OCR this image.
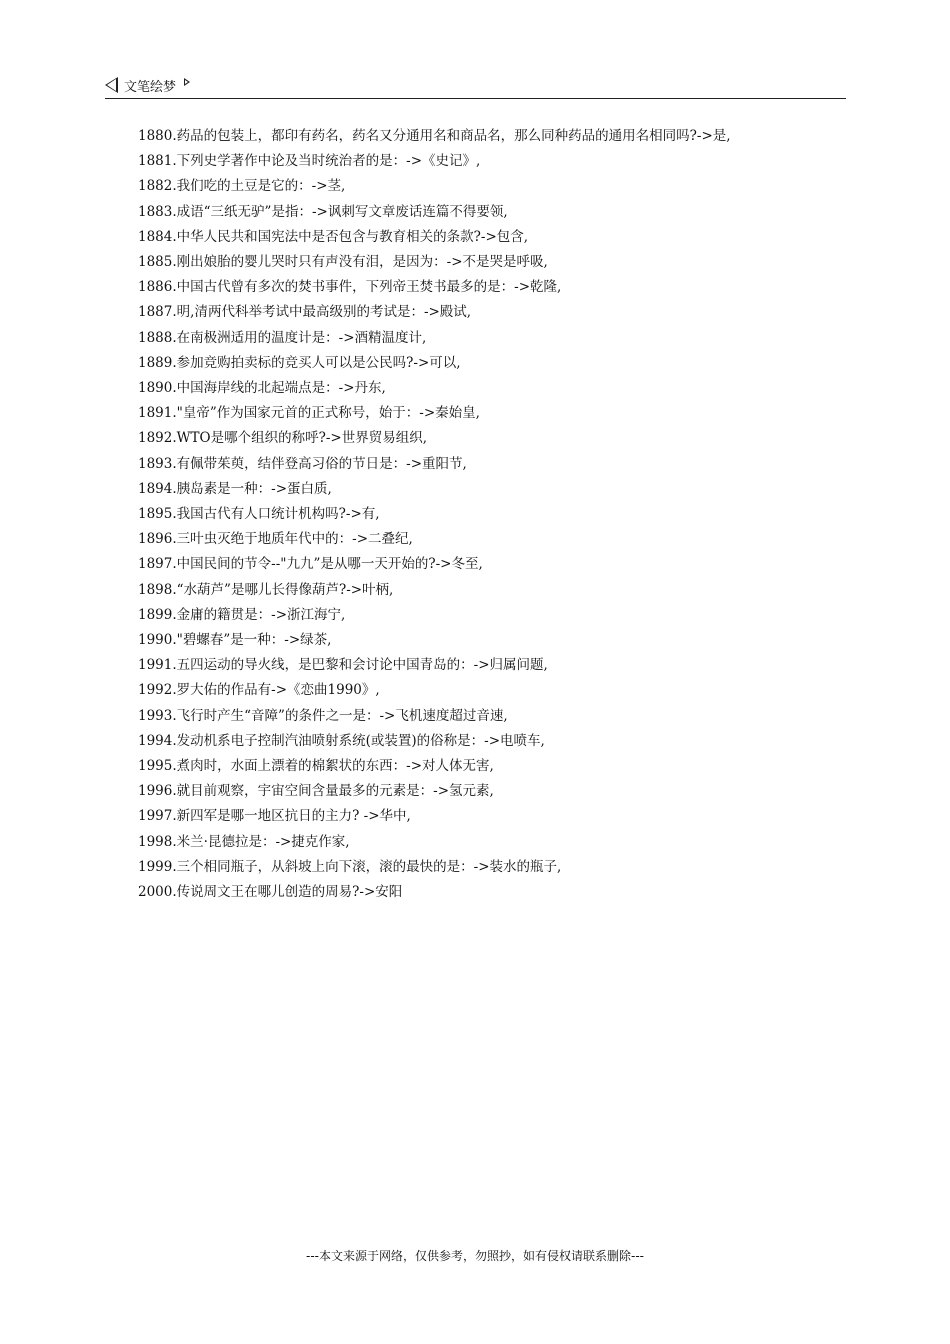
文笔绘梦

1880.药品的包装上，都印有药名，药名又分通用名和商品名，那么同种药品的通用名相同吗?->是,

1881.下列史学著作中论及当时统治者的是：->《史记》,

1882.我们吃的土豆是它的：->茎,

1883.成语“三纸无驴”是指：->讽刺写文章废话连篇不得要领,

1884.中华人民共和国宪法中是否包含与教育相关的条款?->包含,

1885.刚出娘胎的婴儿哭时只有声没有泪，是因为：->不是哭是呼吸,

1886.中国古代曾有多次的焚书事件，下列帝王焚书最多的是：->乾隆,

1887.明,清两代科举考试中最高级别的考试是：->殿试,

1888.在南极洲适用的温度计是：->酒精温度计,

1889.参加竞购拍卖标的竞买人可以是公民吗?->可以,

1890.中国海岸线的北起端点是：->丹东,

1891."皇帝”作为国家元首的正式称号，始于：->秦始皇,

1892.WTO是哪个组织的称呼?->世界贸易组织,

1893.有佩带茱萸，结伴登高习俗的节日是：->重阳节,

1894.胰岛素是一种：->蛋白质,

1895.我国古代有人口统计机构吗?->有,

1896.三叶虫灭绝于地质年代中的：->二叠纪,

1897.中国民间的节令--"九九”是从哪一天开始的?->冬至,

1898.“水葫芦”是哪儿长得像葫芦?->叶柄,

1899.金庸的籍贯是：->浙江海宁,

1990."碧螺春”是一种：->绿茶,

1991.五四运动的导火线，是巴黎和会讨论中国青岛的：->归属问题,

1992.罗大佑的作品有->《恋曲1990》,

1993.飞行时产生“音障”的条件之一是：->飞机速度超过音速,

1994.发动机系电子控制汽油喷射系统(或装置)的俗称是：->电喷车,

1995.煮肉时，水面上漂着的棉絮状的东西：->对人体无害,

1996.就目前观察，宇宙空间含量最多的元素是：->氢元素,

1997.新四军是哪一地区抗日的主力? ->华中,

1998.米兰·昆德拉是：->捷克作家,

1999.三个相同瓶子，从斜坡上向下滚，滚的最快的是：->装水的瓶子,

2000.传说周文王在哪儿创造的周易?->安阳

---本文来源于网络，仅供参考，勿照抄，如有侵权请联系删除---
